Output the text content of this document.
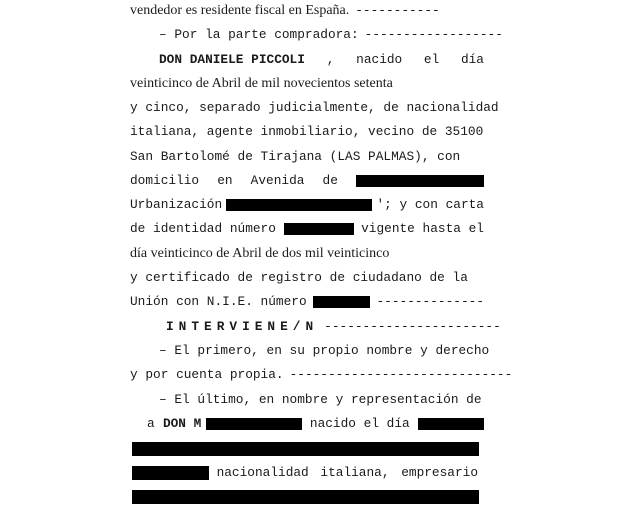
vendedor es residente fiscal en España. -----------
– Por la parte compradora: ------------------
DON DANIELE PICCOLI	, nacido el día
veinticinco de Abril de mil novecientos setenta
y cinco, separado judicialmente, de nacionalidad
italiana, agente inmobiliario, vecino de 35100
San Bartolomé de Tirajana (LAS PALMAS), con
domicilio en Avenida de
Urbanización	'; y con carta
de identidad número	vigente hasta el
día veinticinco de Abril de dos mil veinticinco
y certificado de registro de ciudadano de la
Unión con N.I.E. número	--------------
INTERVIENE/N -----------------------
– El primero, en su propio nombre y derecho
y por cuenta propia. -----------------------------
– El último, en nombre y representación de
a DON M	nacido el día
nacionalidad italiana, empresario
